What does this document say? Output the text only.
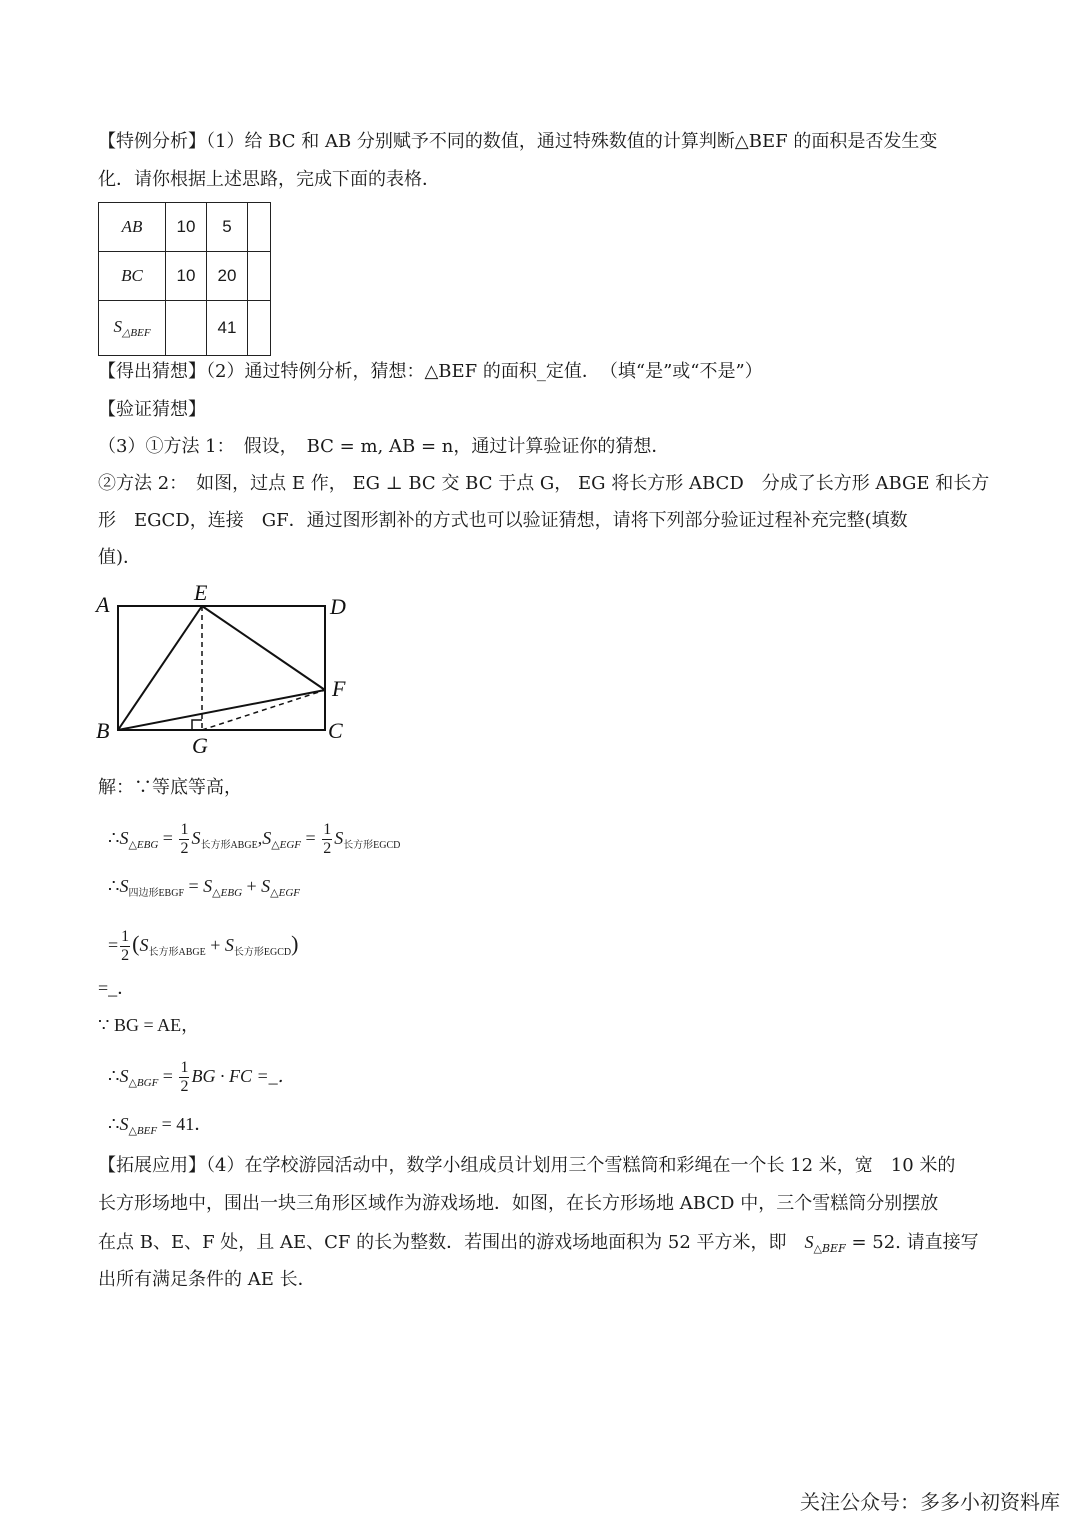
【特例分析】（1）给 BC 和 AB 分别赋予不同的数值，通过特殊数值的计算判断△BEF 的面积是否发生变
化．请你根据上述思路，完成下面的表格．
AB	10	5	
BC	10	20	
$S_{\triangle BEF}$		41	
【得出猜想】（2）通过特例分析，猜想：△BEF 的面积_定值．　（填“是”或“不是”）
【验证猜想】
（3）①方法 1：　假设，　BC = m, AB = n，通过计算验证你的猜想．
②方法 2：　如图，过点 E 作， EG ⊥ BC 交 BC 于点 G， EG 将长方形 ABCD　分成了长方形 ABGE 和长方
形　EGCD，连接　GF．通过图形割补的方式也可以验证猜想，请将下列部分验证过程补充完整(填数
值)．
A	E
D
F
B
G
C
解：∵等底等高，
$\therefore S_{\triangle EBG} = \frac{1}{2} S_{长方形ABGE},S_{\triangle EGF} = \frac{1}{2} S_{长方形EGCD}$
$\therefore S_{四边形EBGF} = S_{\triangle EBG} + S_{\triangle EGF}$
= $\frac{1}{2} (S_{长方形ABGE} + S_{长方形EGCD})$
=_．
∵ BG = AE，
$\therefore S_{\triangle BGF} = \frac{1}{2}$ BG · FC =_．
$\therefore S_{\triangle BEF} = 41$．
【拓展应用】（4）在学校游园活动中，数学小组成员计划用三个雪糕筒和彩绳在一个长 12 米，宽　10 米的
长方形场地中，围出一块三角形区域作为游戏场地．如图，在长方形场地 ABCD 中，三个雪糕筒分别摆放
在点 B、E、F 处，且 AE、CF 的长为整数．若围出的游戏场地面积为 52 平方米，即　$S_{\triangle BEF} = 52$. 请直接写
出所有满足条件的 AE 长．
关注公众号：多多小初资料库
